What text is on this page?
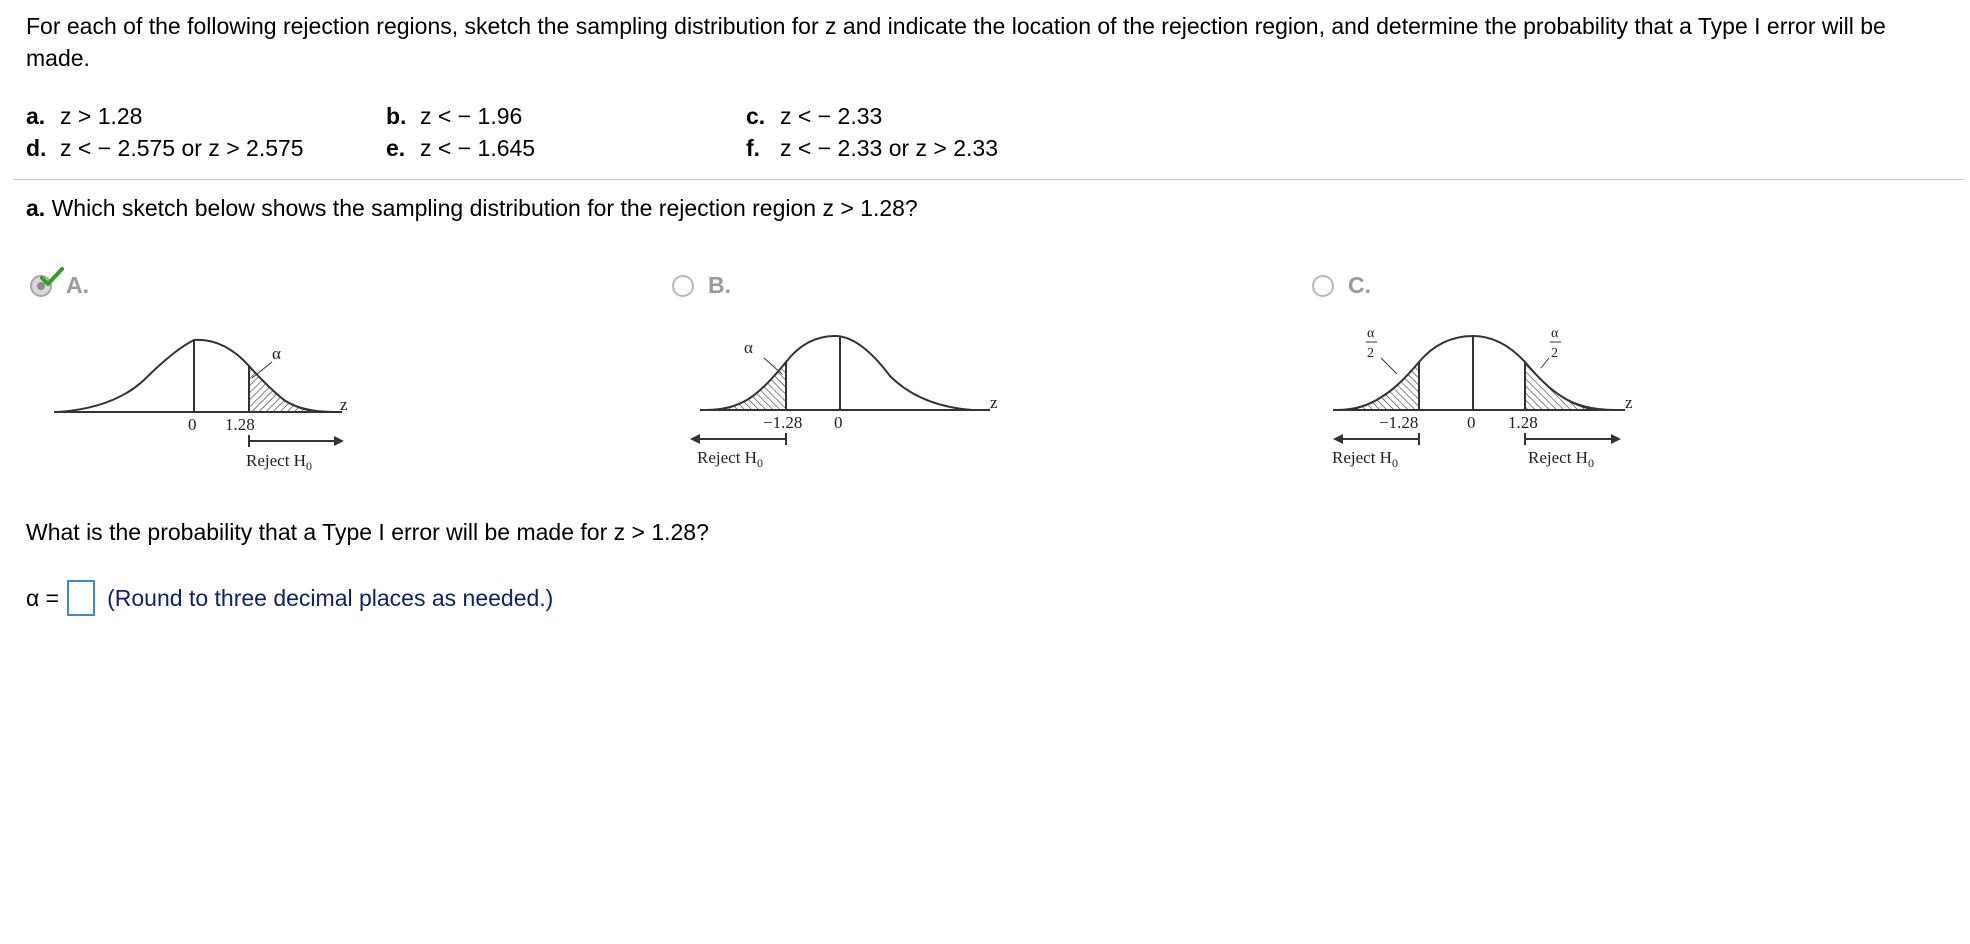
For each of the following rejection regions, sketch the sampling distribution for z and indicate the location of the rejection region, and determine the probability that a Type I error will be made.
a. z > 1.28	b. z < − 1.96	c. z < − 2.33
d. z < − 2.575 or z > 2.575	e. z < − 1.645	f. z < − 2.33 or z > 2.33
a. Which sketch below shows the sampling distribution for the rejection region z > 1.28?
A.
α
z
0 1.28
Reject $H_0$
B.
α
z
−1.28 0
Reject $H_0$
C.
α
2
α
2
z
−1.28	0 1.28
Reject $H_0$	Reject $H_0$
What is the probability that a Type I error will be made for z > 1.28?
α = (Round to three decimal places as needed.)
